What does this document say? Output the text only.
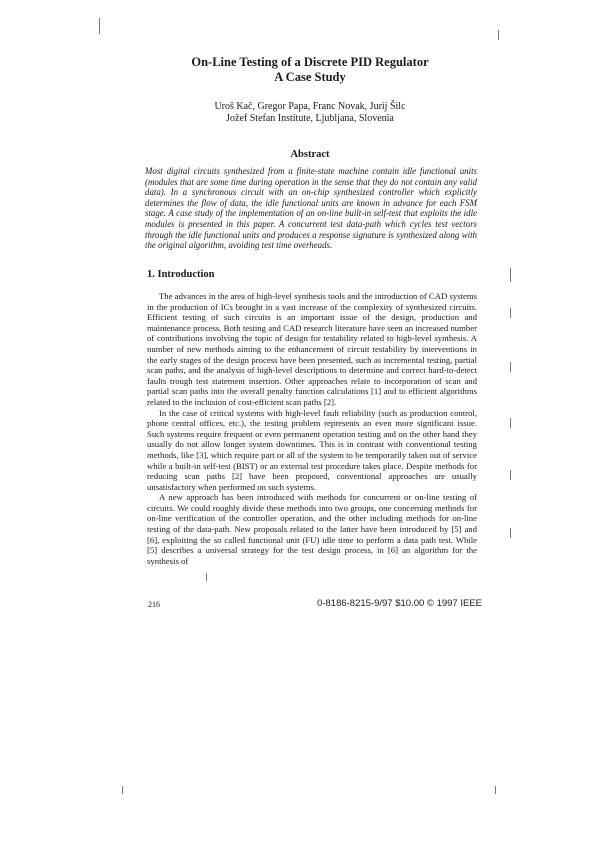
On-Line Testing of a Discrete PID Regulator

A Case Study

Uroš Kač, Gregor Papa, Franc Novak, Jurij Šilc
Jožef Stefan Institute, Ljubljana, Slovenia
Abstract

Most digital circuits synthesized from a finite-state machine contain idle functional units (modules that are some time during operation in the sense that they do not contain any valid data). In a synchronous circuit with an on-chip synthesized controller which explicitly determines the flow of data, the idle functional units are known in advance for each FSM stage. A case study of the implementation of an on-line built-in self-test that exploits the idle modules is presented in this paper. A concurrent test data-path which cycles test vectors through the idle functional units and produces a response signature is synthesized along with the original algorithm, avoiding test time overheads.

1. Introduction

The advances in the area of high-level synthesis tools and the introduction of CAD systems in the production of ICs brought in a vast increase of the complexity of synthesized circuits. Efficient testing of such circuits is an important issue of the design, production and maintenance process. Both testing and CAD research literature have seen an increased number of contributions involving the topic of design for testability related to high-level synthesis. A number of new methods aiming to the enhancement of circuit testability by interventions in the early stages of the design process have been presented, such as incremental testing, partial scan paths, and the analysis of high-level descriptions to determine and correct hard-to-detect faults trough test statement insertion. Other approaches relate to incorporation of scan and partial scan paths into the overall penalty function calculations [1] and to efficient algorithms related to the inclusion of cost-efficient scan paths [2].

In the case of critical systems with high-level fault reliability (such as production control, phone central offices, etc.), the testing problem represents an even more significant issue. Such systems require frequent or even permanent operation testing and on the other hand they usually do not allow longer system downtimes. This is in contrast with conventional testing methods, like [3], which require part or all of the system to be temporarily taken out of service while a built-in self-test (BIST) or an external test procedure takes place. Despite methods for reducing scan paths [2] have been proposed, conventional approaches are usually unsatisfactory when performed on such systems.

A new approach has been introduced with methods for concurrent or on-line testing of circuits. We could roughly divide these methods into two groups, one concerning methods for on-line verification of the controller operation, and the other including methods for on-line testing of the data-path. New proposals related to the latter have been introduced by [5] and [6], exploiting the so called functional unit (FU) idle time to perform a data path test. While [5] describes a universal strategy for the test design process, in [6] an algorithm for the synthesis of

216	0-8186-8215-9/97 $10.00 © 1997 IEEE
